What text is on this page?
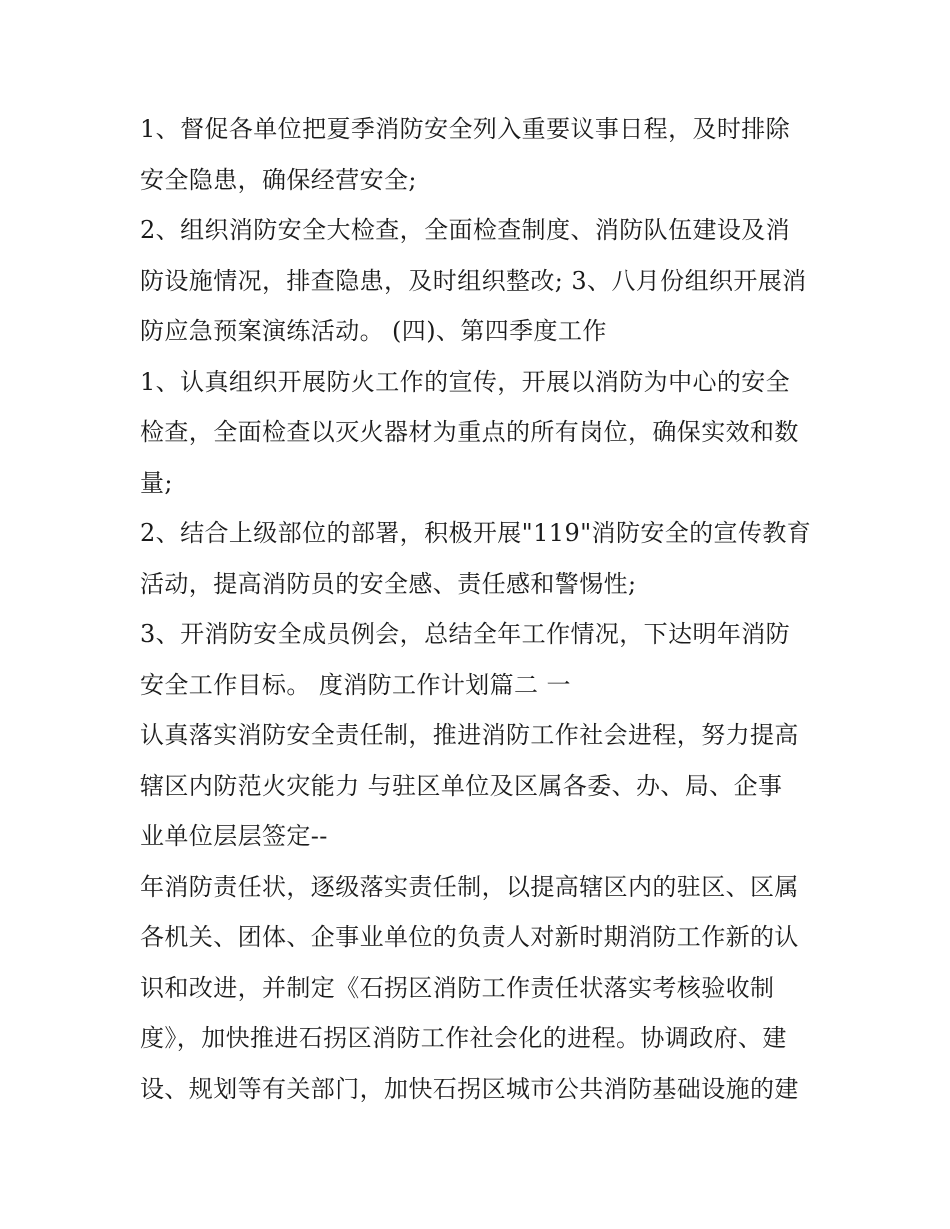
1、督促各单位把夏季消防安全列入重要议事日程，及时排除
安全隐患，确保经营安全;
2、组织消防安全大检查，全面检查制度、消防队伍建设及消
防设施情况，排查隐患，及时组织整改; 3、八月份组织开展消
防应急预案演练活动。 (四)、第四季度工作
1、认真组织开展防火工作的宣传，开展以消防为中心的安全
检查，全面检查以灭火器材为重点的所有岗位，确保实效和数
量;
2、结合上级部位的部署，积极开展"119"消防安全的宣传教育
活动，提高消防员的安全感、责任感和警惕性;
3、开消防安全成员例会，总结全年工作情况，下达明年消防
安全工作目标。 度消防工作计划篇二 一
认真落实消防安全责任制，推进消防工作社会进程，努力提高
辖区内防范火灾能力 与驻区单位及区属各委、办、局、企事
业单位层层签定--
年消防责任状，逐级落实责任制，以提高辖区内的驻区、区属
各机关、团体、企事业单位的负责人对新时期消防工作新的认
识和改进，并制定《石拐区消防工作责任状落实考核验收制
度》，加快推进石拐区消防工作社会化的进程。协调政府、建
设、规划等有关部门，加快石拐区城市公共消防基础设施的建
